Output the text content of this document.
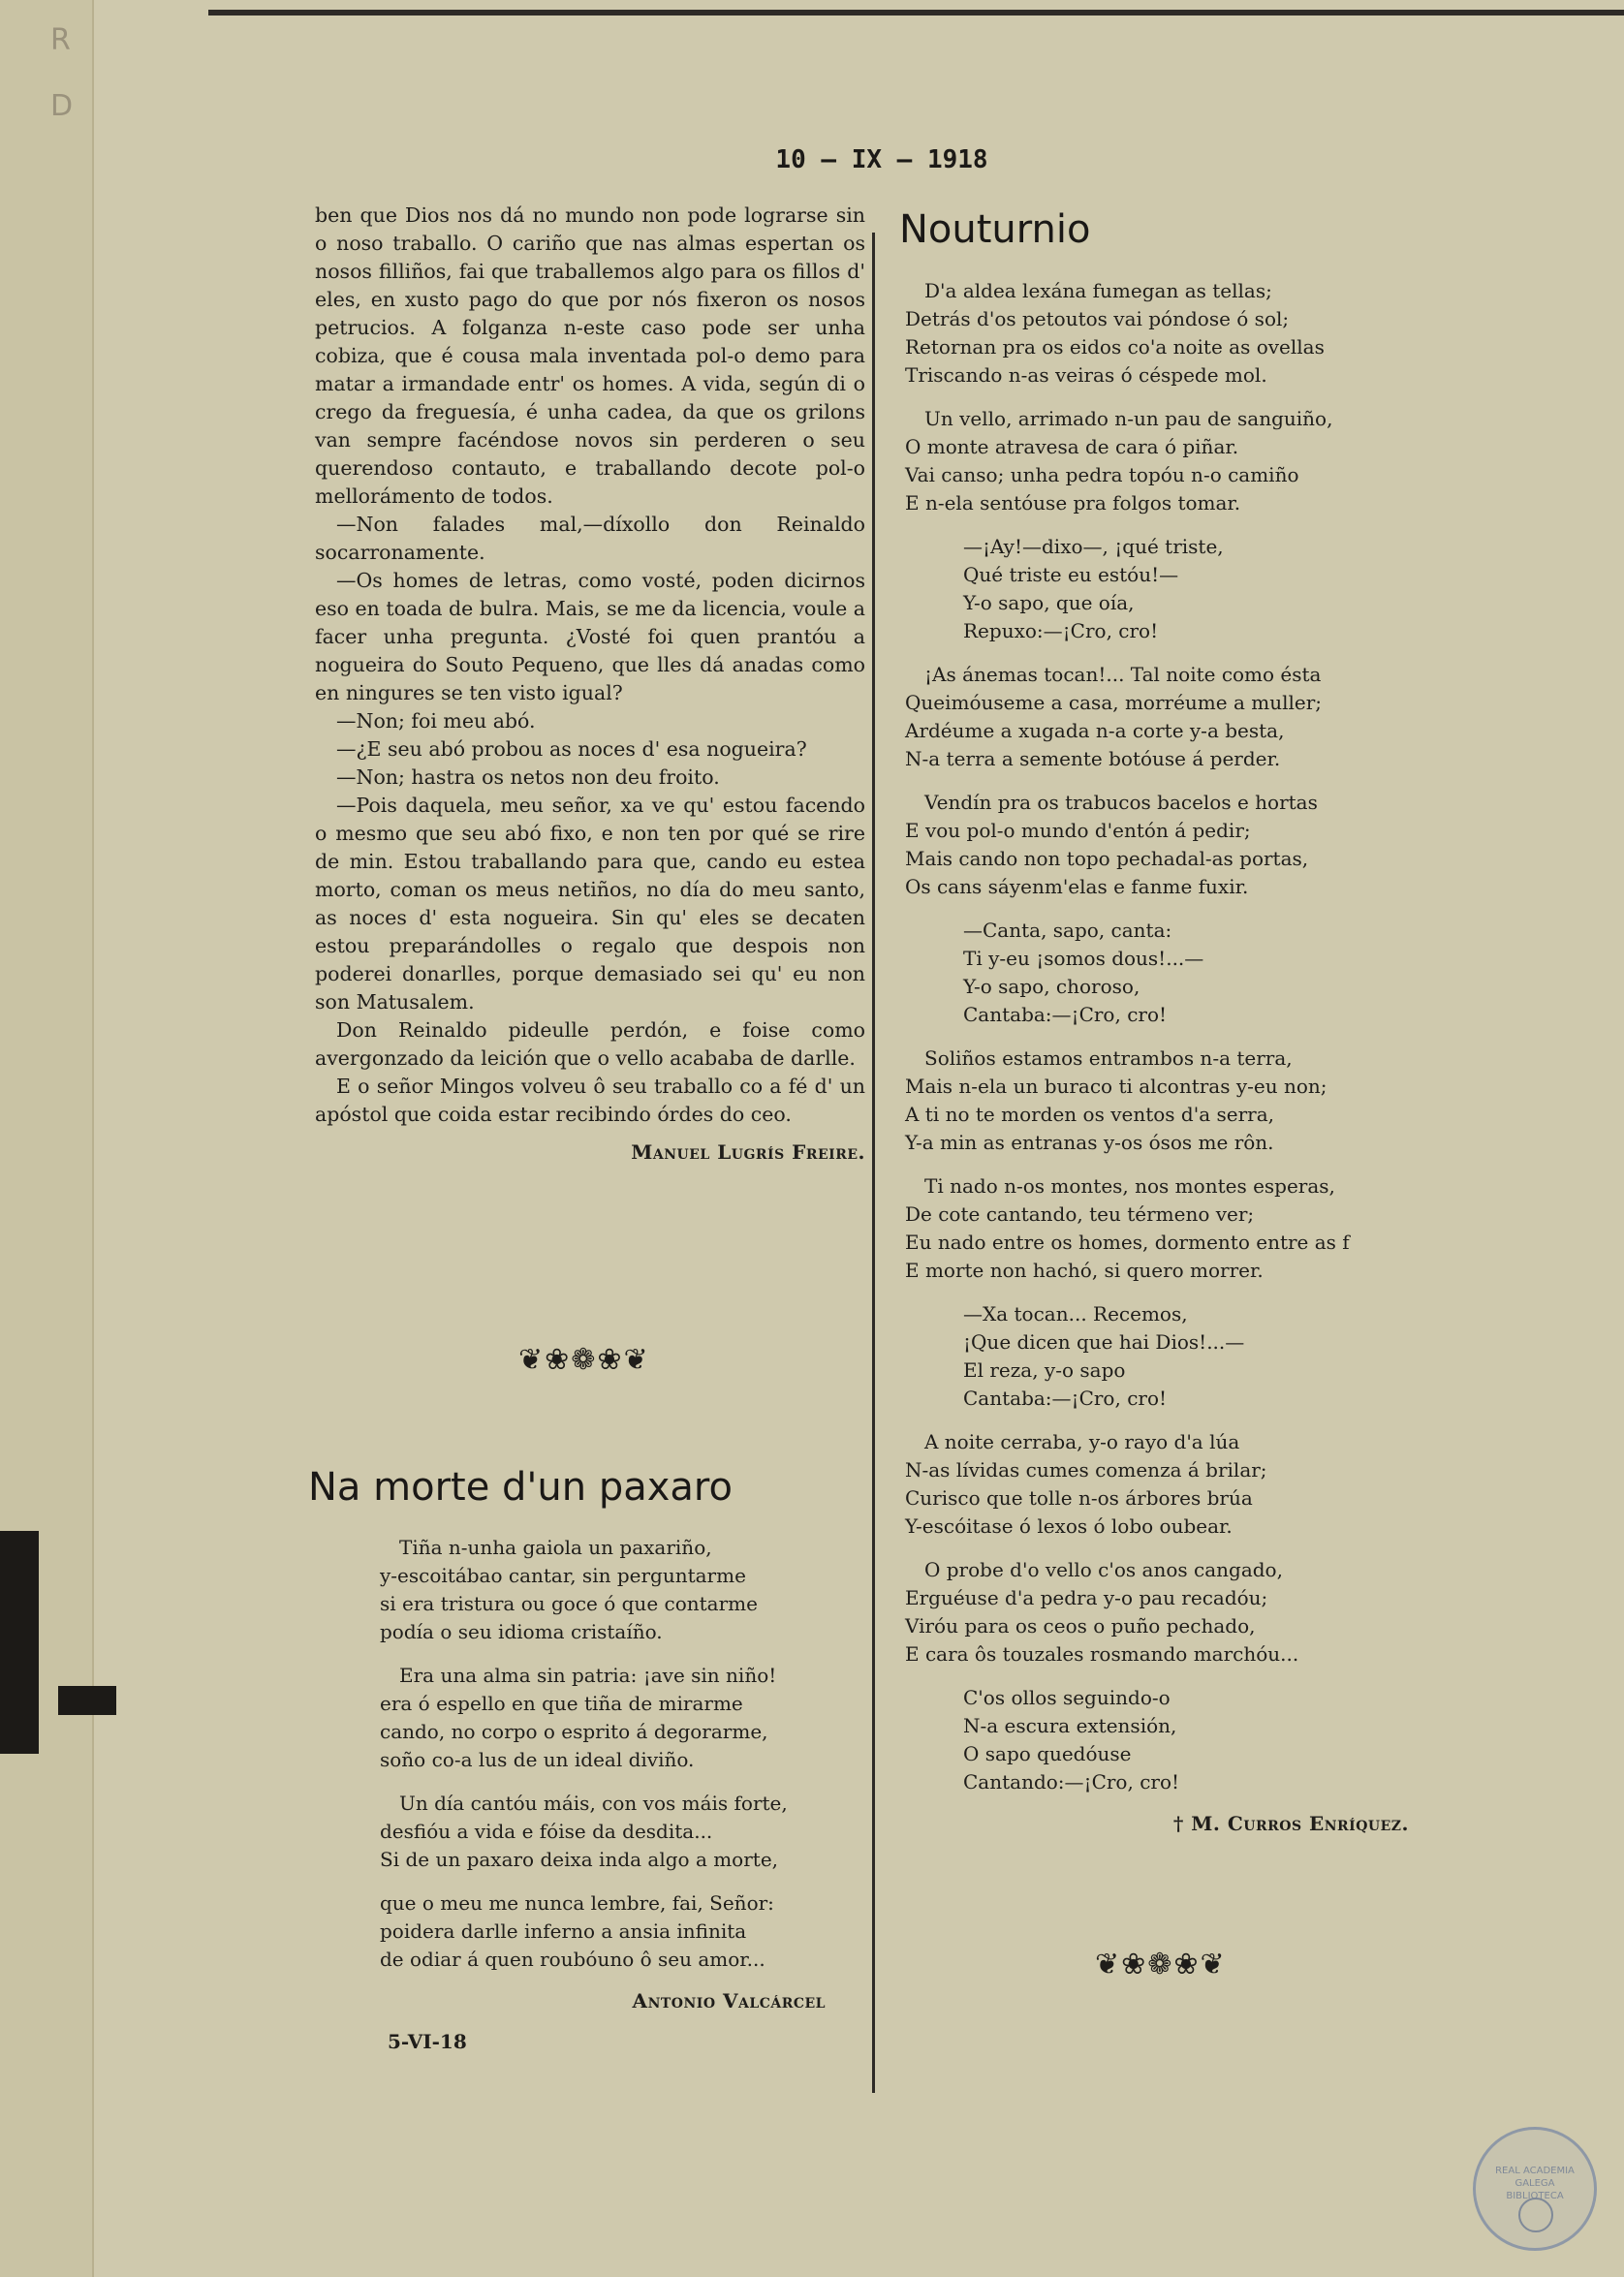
R
D
10 — IX — 1918

ben que Dios nos dá no mundo non pode lograrse sin o noso traballo. O cariño que nas almas espertan os nosos filliños, fai que traballemos algo para os fillos d' eles, en xusto pago do que por nós fixeron os nosos petrucios. A folganza n-este caso pode ser unha cobiza, que é cousa mala inventada pol-o demo para matar a irmandade entr' os homes. A vida, según di o crego da freguesía, é unha cadea, da que os grilons van sempre facéndose novos sin perderen o seu querendoso contauto, e traballando decote pol-o mellorámento de todos.

—Non falades mal,—díxollo don Reinaldo socarronamente.

—Os homes de letras, como vosté, poden dicirnos eso en toada de bulra. Mais, se me da licencia, voule a facer unha pregunta. ¿Vosté foi quen prantóu a nogueira do Souto Pequeno, que lles dá anadas como en ningures se ten visto igual?

—Non; foi meu abó.

—¿E seu abó probou as noces d' esa nogueira?

—Non; hastra os netos non deu froito.

—Pois daquela, meu señor, xa ve qu' estou facendo o mesmo que seu abó fixo, e non ten por qué se rire de min. Estou traballando para que, cando eu estea morto, coman os meus netiños, no día do meu santo, as noces d' esta nogueira. Sin qu' eles se decaten estou preparándolles o regalo que despois non poderei donarlles, porque demasiado sei qu' eu non son Matusalem.

Don Reinaldo pideulle perdón, e foise como avergonzado da leición que o vello acababa de darlle.

E o señor Mingos volveu ô seu traballo co a fé d' un apóstol que coida estar recibindo órdes do ceo.

Manuel Lugrís Freire.
❦❀❁❀❦
Na morte d'un paxaro
Tiña n-unha gaiola un paxariño,
y-escoitábao cantar, sin perguntarme
si era tristura ou goce ó que contarme
podía o seu idioma cristaíño.
Era una alma sin patria: ¡ave sin niño!
era ó espello en que tiña de mirarme
cando, no corpo o esprito á degorarme,
soño co-a lus de un ideal diviño.
Un día cantóu máis, con vos máis forte,
desfióu a vida e fóise da desdita...
Si de un paxaro deixa inda algo a morte,
que o meu me nunca lembre, fai, Señor:
poidera darlle inferno a ansia infinita
de odiar á quen roubóuno ô seu amor...
Antonio Valcárcel
5-VI-18
Nouturnio
D'a aldea lexána fumegan as tellas;
Detrás d'os petoutos vai póndose ó sol;
Retornan pra os eidos co'a noite as ovellas
Triscando n-as veiras ó céspede mol.
Un vello, arrimado n-un pau de sanguiño,
O monte atravesa de cara ó piñar.
Vai canso; unha pedra topóu n-o camiño
E n-ela sentóuse pra folgos tomar.
—¡Ay!—dixo—, ¡qué triste,
Qué triste eu estóu!—
Y-o sapo, que oía,
Repuxo:—¡Cro, cro!
¡As ánemas tocan!... Tal noite como ésta
Queimóuseme a casa, morréume a muller;
Ardéume a xugada n-a corte y-a besta,
N-a terra a semente botóuse á perder.
Vendín pra os trabucos bacelos e hortas
E vou pol-o mundo d'entón á pedir;
Mais cando non topo pechadal-as portas,
Os cans sáyenm'elas e fanme fuxir.
—Canta, sapo, canta:
Ti y-eu ¡somos dous!...—
Y-o sapo, choroso,
Cantaba:—¡Cro, cro!
Soliños estamos entrambos n-a terra,
Mais n-ela un buraco ti alcontras y-eu non;
A ti no te morden os ventos d'a serra,
Y-a min as entranas y-os ósos me rôn.
Ti nado n-os montes, nos montes esperas,
De cote cantando, teu térmeno ver;
Eu nado entre os homes, dormento entre as f
E morte non hachó, si quero morrer.
—Xa tocan... Recemos,
¡Que dicen que hai Dios!...—
El reza, y-o sapo
Cantaba:—¡Cro, cro!
A noite cerraba, y-o rayo d'a lúa
N-as lívidas cumes comenza á brilar;
Curisco que tolle n-os árbores brúa
Y-escóitase ó lexos ó lobo oubear.
O probe d'o vello c'os anos cangado,
Erguéuse d'a pedra y-o pau recadóu;
Viróu para os ceos o puño pechado,
E cara ôs touzales rosmando marchóu...
C'os ollos seguindo-o
N-a escura extensión,
O sapo quedóuse
Cantando:—¡Cro, cro!
† M. Curros Enríquez.
❦❀❁❀❦
REAL ACADEMIA GALEGA
BIBLIOTECA
